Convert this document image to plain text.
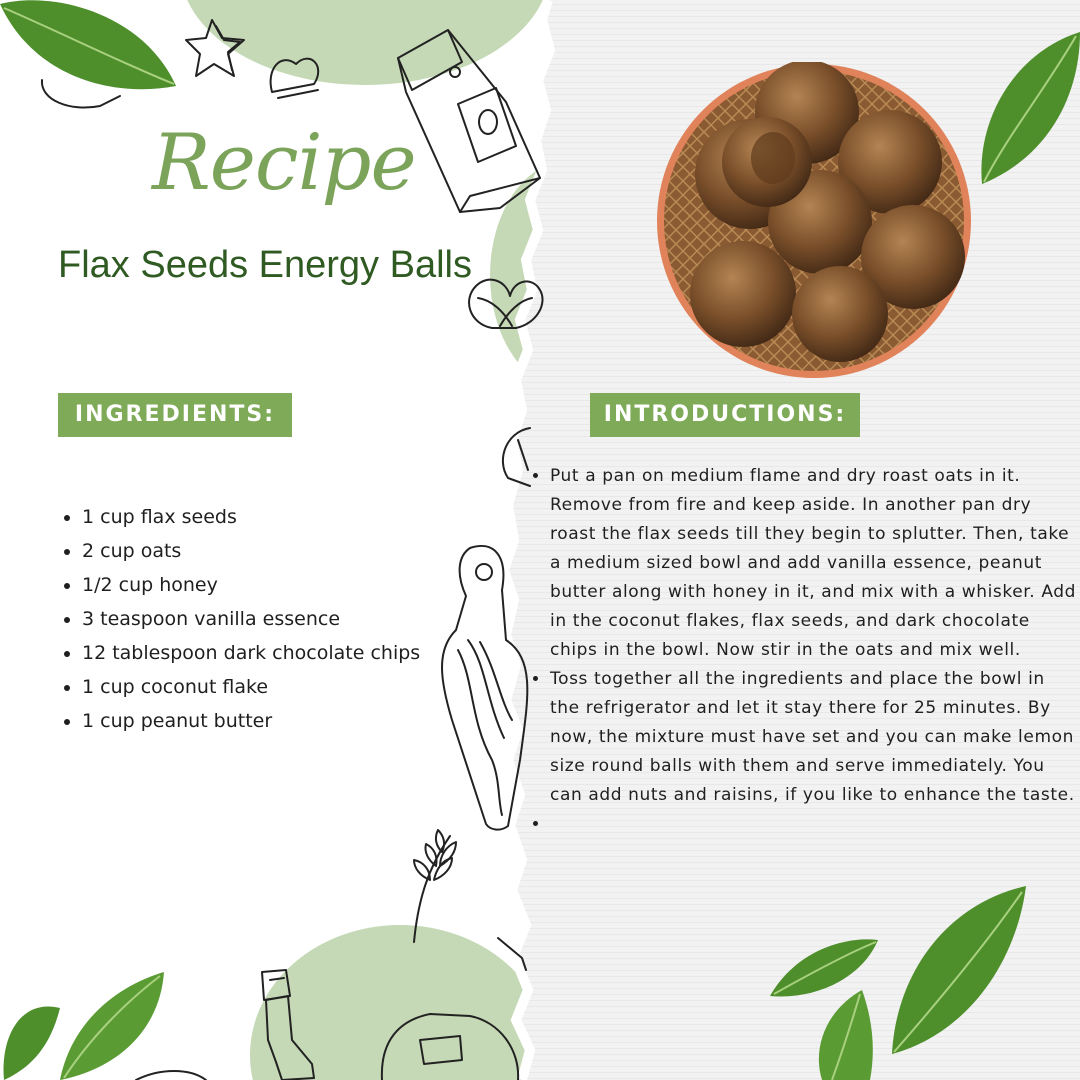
Recipe
Flax Seeds Energy Balls
INGREDIENTS:	INTRODUCTIONS:
• 1 cup flax seeds
• 2 cup oats
• 1/2 cup honey
• 3 teaspoon vanilla essence
• 12 tablespoon dark chocolate chips
• 1 cup coconut flake
• 1 cup peanut butter
• Put a pan on medium flame and dry roast oats in it. Remove from fire and keep aside. In another pan dry roast the flax seeds till they begin to splutter. Then, take a medium sized bowl and add vanilla essence, peanut butter along with honey in it, and mix with a whisker. Add in the coconut flakes, flax seeds, and dark chocolate chips in the bowl. Now stir in the oats and mix well.
• Toss together all the ingredients and place the bowl in the refrigerator and let it stay there for 25 minutes. By now, the mixture must have set and you can make lemon size round balls with them and serve immediately. You can add nuts and raisins, if you like to enhance the taste.
•
